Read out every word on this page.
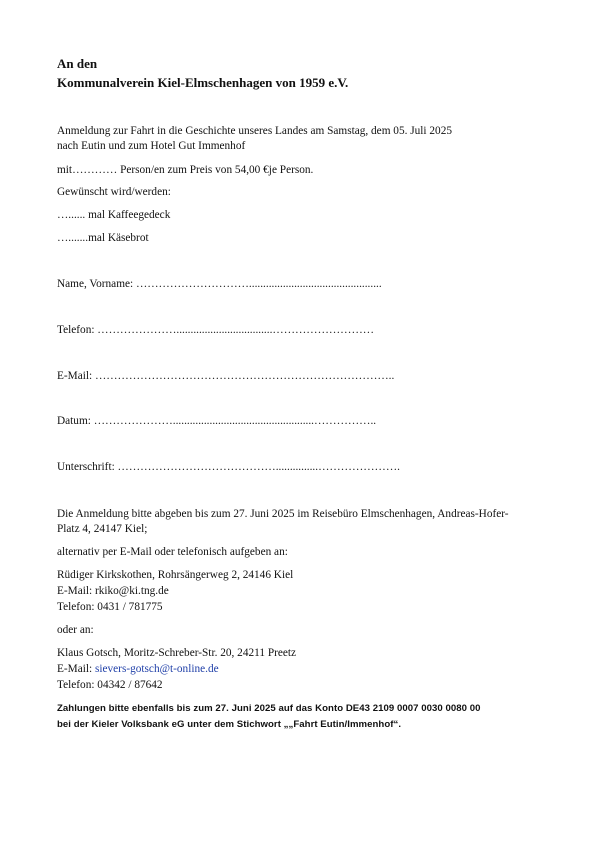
An den
Kommunalverein Kiel-Elmschenhagen von 1959 e.V.
Anmeldung zur Fahrt in die Geschichte unseres Landes am Samstag, dem 05. Juli 2025
nach Eutin und zum Hotel Gut Immenhof
mit………… Person/en zum Preis von 54,00 €je Person.
Gewünscht wird/werden:
…...... mal Kaffeegedeck
….......mal Käsebrot
Name, Vorname: …………………………...............................................
Telefon: …………………..................................………………………
E-Mail: ……………………………………………………………………..
Datum: …………………..................................................……………..
Unterschrift: ……………………………………...............………………….
Die Anmeldung bitte abgeben bis zum 27. Juni 2025 im Reisebüro Elmschenhagen, Andreas-Hofer-
Platz 4, 24147 Kiel;
alternativ per E-Mail oder telefonisch aufgeben an:
Rüdiger Kirkskothen, Rohrsängerweg 2, 24146 Kiel
E-Mail: rkiko@ki.tng.de
Telefon: 0431 / 781775
oder an:
Klaus Gotsch, Moritz-Schreber-Str. 20, 24211 Preetz
E-Mail: sievers-gotsch@t-online.de
Telefon: 04342 / 87642
Zahlungen bitte ebenfalls bis zum 27. Juni 2025 auf das Konto DE43 2109 0007 0030 0080 00
bei der Kieler Volksbank eG unter dem Stichwort „„Fahrt Eutin/Immenhof“.
